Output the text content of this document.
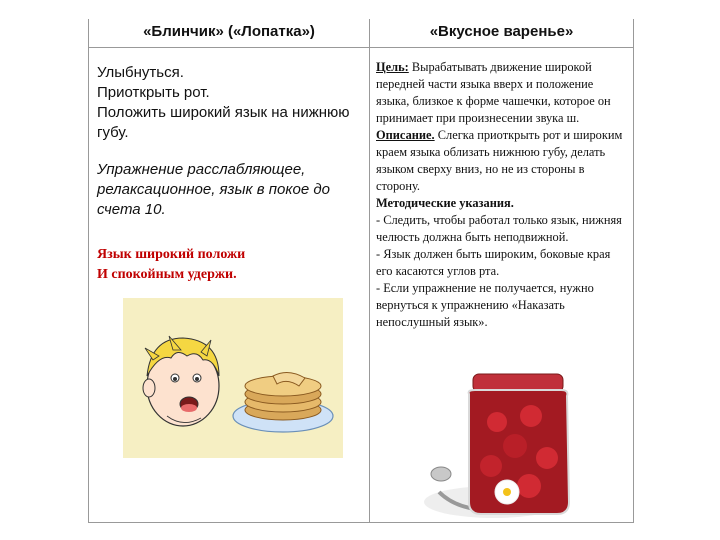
«Блинчик» («Лопатка»)	«Вкусное варенье»
Улыбнуться.
Приоткрыть рот.
Положить широкий язык на нижнюю
губу.
Упражнение расслабляющее, релаксационное, язык в покое до счета 10.
Язык широкий положи
И спокойным удержи.

Цель: Вырабатывать движение широкой передней части языка вверх и положение языка, близкое к форме чашечки, которое он принимает при произнесении звука ш.

Описание. Слегка приоткрыть рот и широким краем языка облизать нижнюю губу, делать языком сверху вниз, но не из стороны в сторону.

Методические указания.

- Следить, чтобы работал только язык, нижняя челюсть должна быть неподвижной.

- Язык должен быть широким, боковые края его касаются углов рта.

- Если упражнение не получается, нужно вернуться к упражнению «Наказать непослушный язык».
